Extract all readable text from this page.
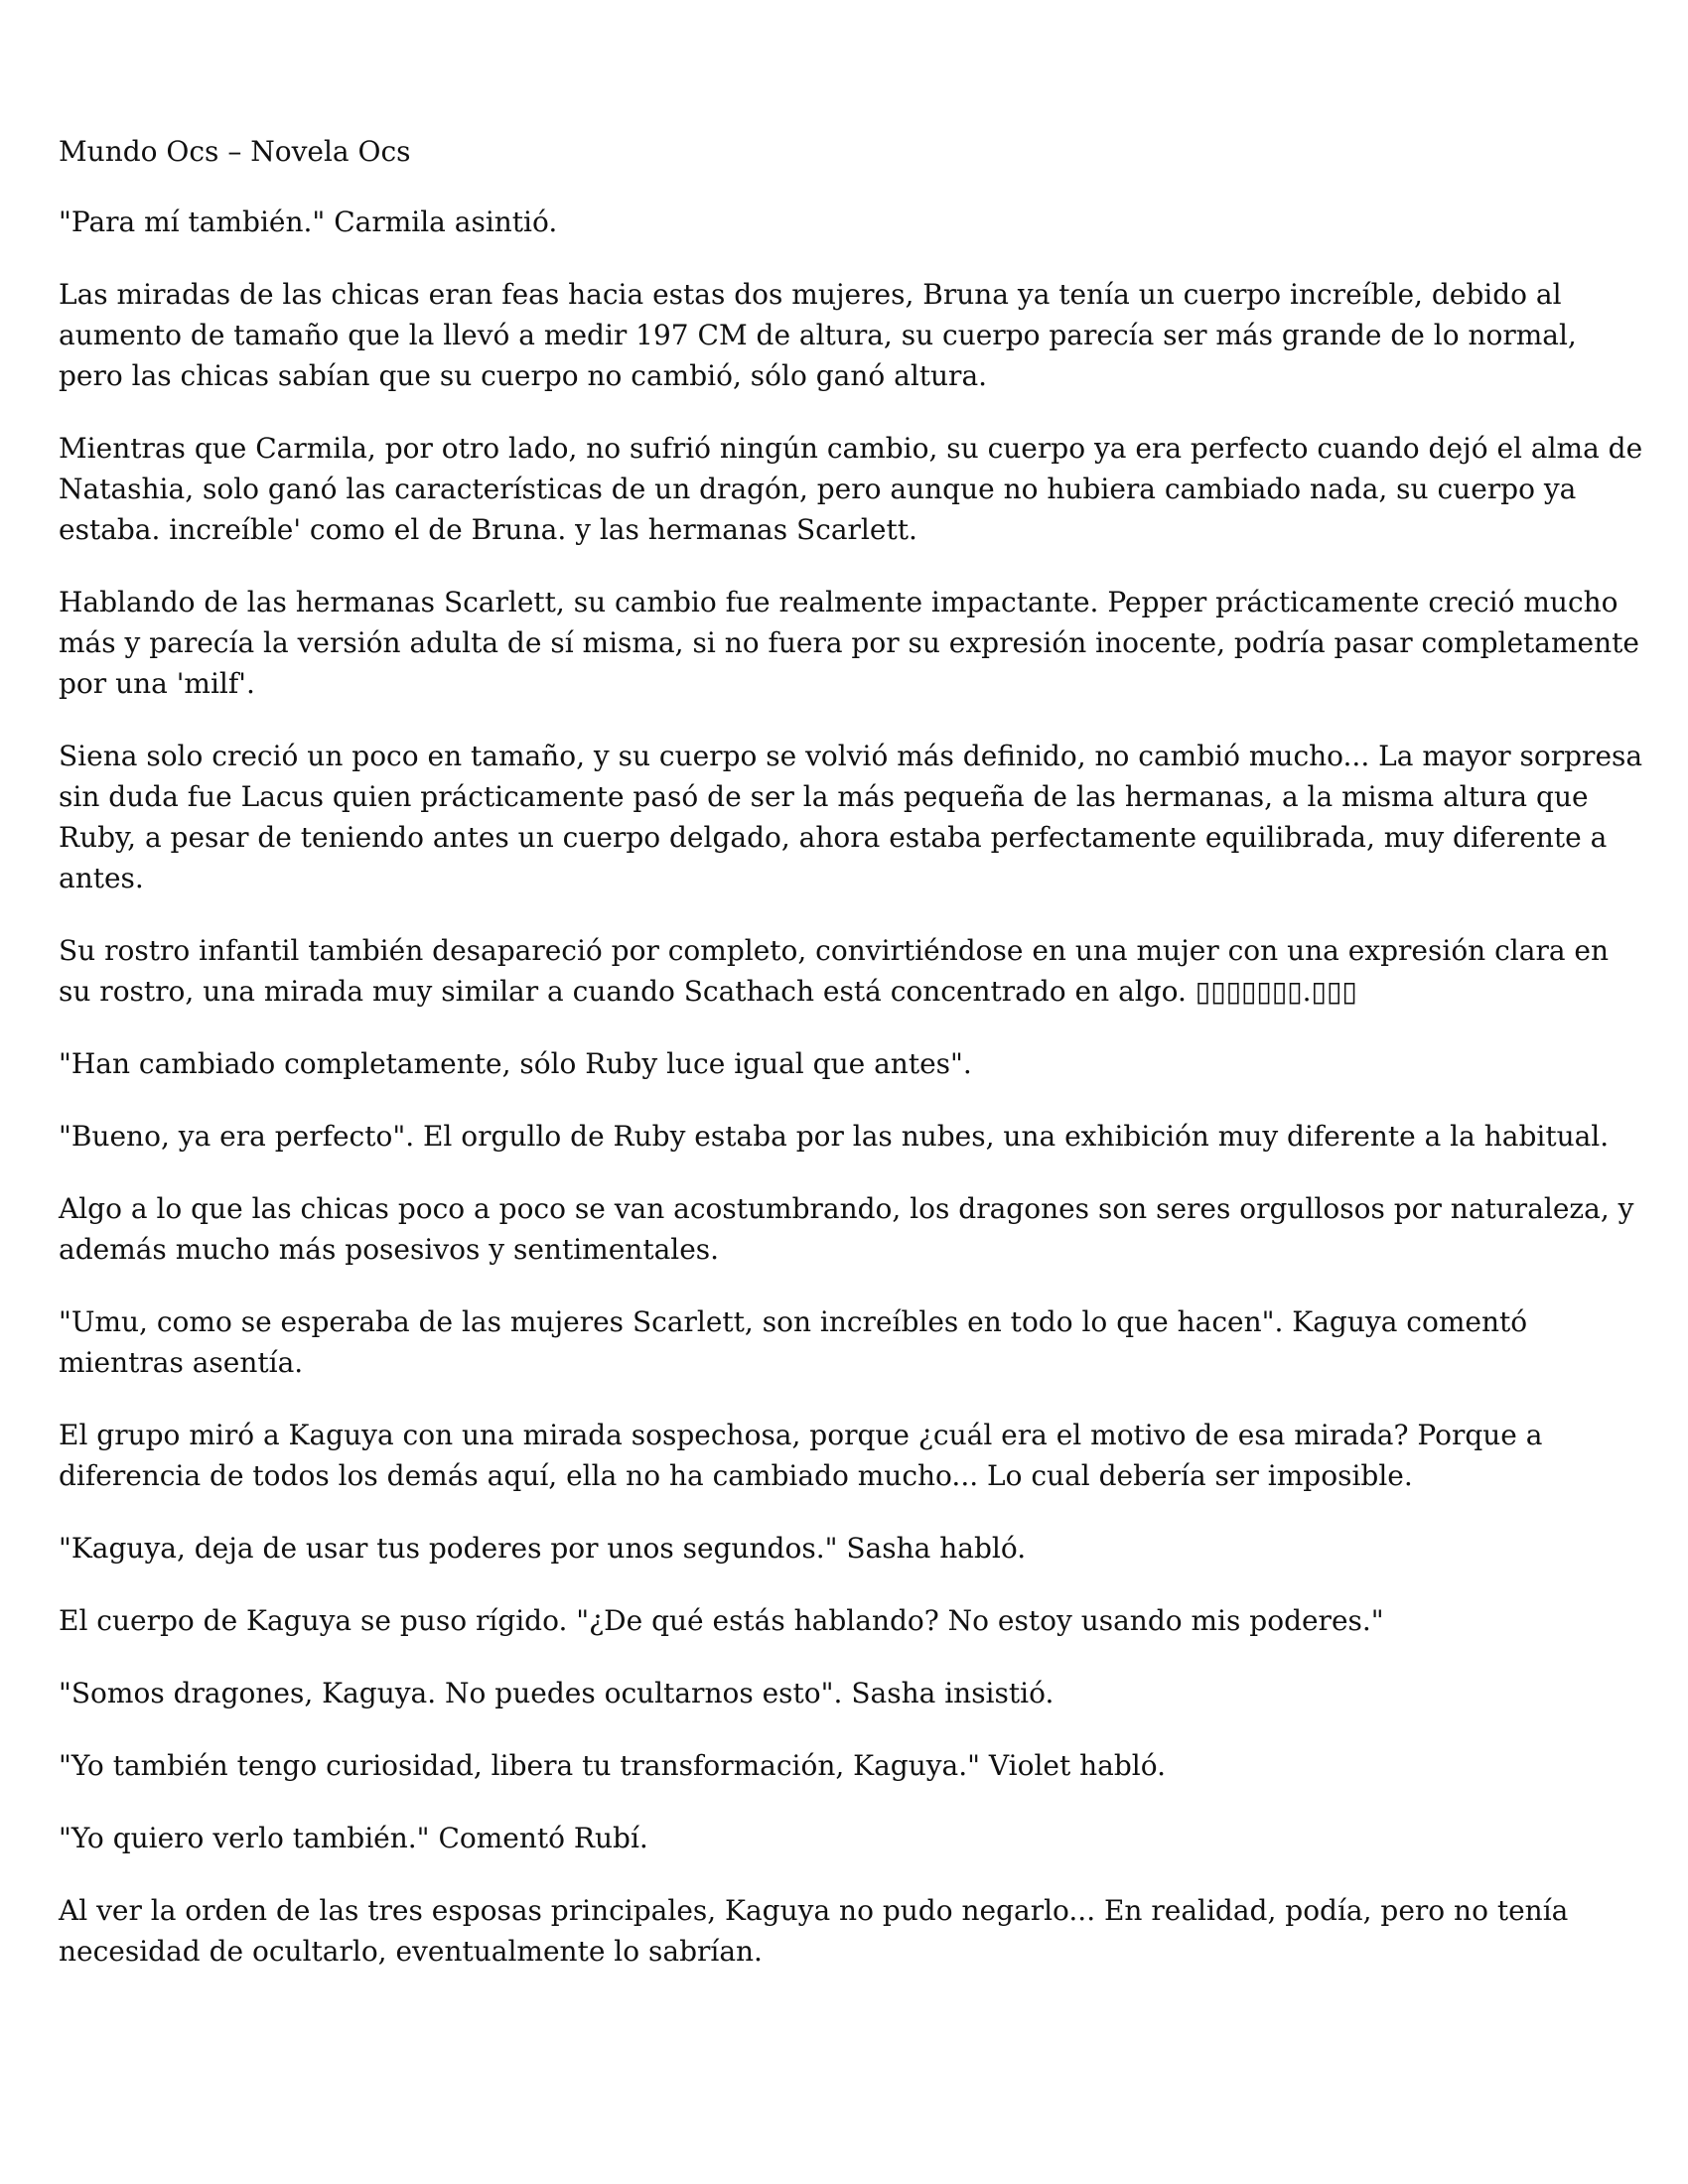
Mundo Ocs – Novela Ocs

"Para mí también." Carmila asintió.

Las miradas de las chicas eran feas hacia estas dos mujeres, Bruna ya tenía un cuerpo increíble, debido al aumento de tamaño que la llevó a medir 197 CM de altura, su cuerpo parecía ser más grande de lo normal, pero las chicas sabían que su cuerpo no cambió, sólo ganó altura.

Mientras que Carmila, por otro lado, no sufrió ningún cambio, su cuerpo ya era perfecto cuando dejó el alma de Natashia, solo ganó las características de un dragón, pero aunque no hubiera cambiado nada, su cuerpo ya estaba. increíble' como el de Bruna. y las hermanas Scarlett.

Hablando de las hermanas Scarlett, su cambio fue realmente impactante. Pepper prácticamente creció mucho más y parecía la versión adulta de sí misma, si no fuera por su expresión inocente, podría pasar completamente por una 'milf'.

Siena solo creció un poco en tamaño, y su cuerpo se volvió más definido, no cambió mucho... La mayor sorpresa sin duda fue Lacus quien prácticamente pasó de ser la más pequeña de las hermanas, a la misma altura que Ruby, a pesar de teniendo antes un cuerpo delgado, ahora estaba perfectamente equilibrada, muy diferente a antes.

Su rostro infantil también desapareció por completo, convirtiéndose en una mujer con una expresión clara en su rostro, una mirada muy similar a cuando Scathach está concentrado en algo. ▯▯▯▯▯▯▯.▯▯▯

"Han cambiado completamente, sólo Ruby luce igual que antes".

"Bueno, ya era perfecto". El orgullo de Ruby estaba por las nubes, una exhibición muy diferente a la habitual.

Algo a lo que las chicas poco a poco se van acostumbrando, los dragones son seres orgullosos por naturaleza, y además mucho más posesivos y sentimentales.

"Umu, como se esperaba de las mujeres Scarlett, son increíbles en todo lo que hacen". Kaguya comentó mientras asentía.

El grupo miró a Kaguya con una mirada sospechosa, porque ¿cuál era el motivo de esa mirada? Porque a diferencia de todos los demás aquí, ella no ha cambiado mucho... Lo cual debería ser imposible.

"Kaguya, deja de usar tus poderes por unos segundos." Sasha habló.

El cuerpo de Kaguya se puso rígido. "¿De qué estás hablando? No estoy usando mis poderes."

"Somos dragones, Kaguya. No puedes ocultarnos esto". Sasha insistió.

"Yo también tengo curiosidad, libera tu transformación, Kaguya." Violet habló.

"Yo quiero verlo también." Comentó Rubí.

Al ver la orden de las tres esposas principales, Kaguya no pudo negarlo... En realidad, podía, pero no tenía necesidad de ocultarlo, eventualmente lo sabrían.
